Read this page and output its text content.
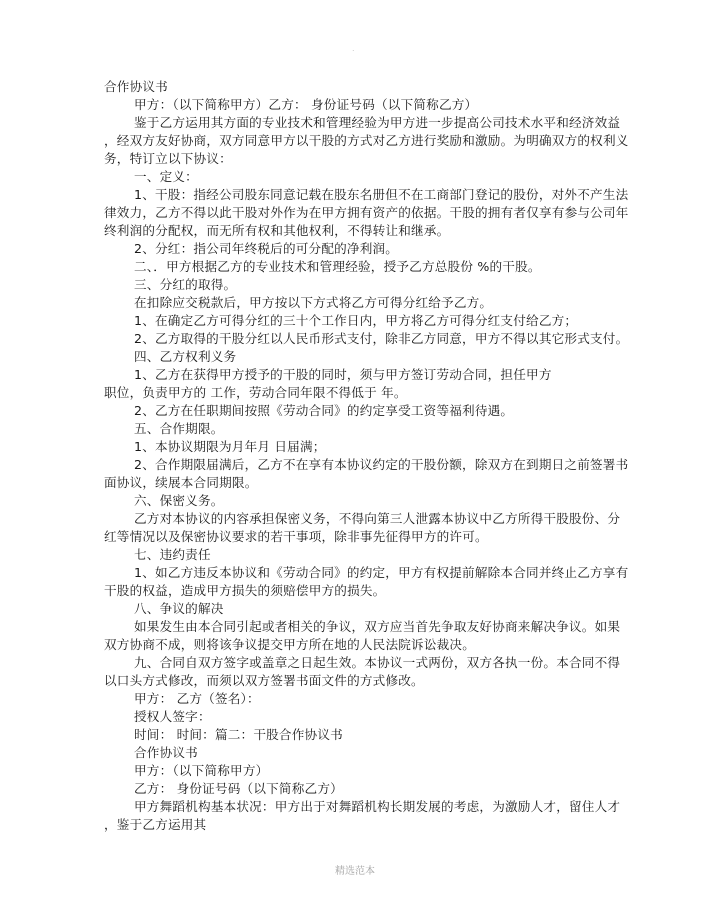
.
合作协议书
甲方：（以下简称甲方）乙方： 身份证号码（以下简称乙方）
鉴于乙方运用其方面的专业技术和管理经验为甲方进一步提高公司技术水平和经济效益
，经双方友好协商，双方同意甲方以干股的方式对乙方进行奖励和激励。为明确双方的权利义
务，特订立以下协议：
一、定义：
1、干股：指经公司股东同意记载在股东名册但不在工商部门登记的股份，对外不产生法
律效力，乙方不得以此干股对外作为在甲方拥有资产的依据。干股的拥有者仅享有参与公司年
终利润的分配权，而无所有权和其他权利，不得转让和继承。
2、分红：指公司年终税后的可分配的净利润。
二、．甲方根据乙方的专业技术和管理经验，授予乙方总股份 %的干股。
三、分红的取得。
在扣除应交税款后，甲方按以下方式将乙方可得分红给予乙方。
1、在确定乙方可得分红的三十个工作日内，甲方将乙方可得分红支付给乙方；
2、乙方取得的干股分红以人民币形式支付，除非乙方同意，甲方不得以其它形式支付。
四、乙方权利义务
1、乙方在获得甲方授予的干股的同时，须与甲方签订劳动合同，担任甲方
职位，负责甲方的 工作，劳动合同年限不得低于 年。
2、乙方在任职期间按照《劳动合同》的约定享受工资等福利待遇。
五、合作期限。
1、本协议期限为月年月 日届满；
2、合作期限届满后，乙方不在享有本协议约定的干股份额，除双方在到期日之前签署书
面协议，续展本合同期限。
六、保密义务。
乙方对本协议的内容承担保密义务，不得向第三人泄露本协议中乙方所得干股股份、分
红等情况以及保密协议要求的若干事项，除非事先征得甲方的许可。
七、违约责任
1、如乙方违反本协议和《劳动合同》的约定，甲方有权提前解除本合同并终止乙方享有
干股的权益，造成甲方损失的须赔偿甲方的损失。
八、争议的解决
如果发生由本合同引起或者相关的争议，双方应当首先争取友好协商来解决争议。如果
双方协商不成，则将该争议提交甲方所在地的人民法院诉讼裁决。
九、合同自双方签字或盖章之日起生效。本协议一式两份，双方各执一份。本合同不得
以口头方式修改，而须以双方签署书面文件的方式修改。
甲方： 乙方（签名）：
授权人签字：
时间： 时间：篇二：干股合作协议书
合作协议书
甲方：（以下简称甲方）
乙方： 身份证号码（以下简称乙方）
甲方舞蹈机构基本状况：甲方出于对舞蹈机构长期发展的考虑，为激励人才，留住人才
，鉴于乙方运用其
精选范本
